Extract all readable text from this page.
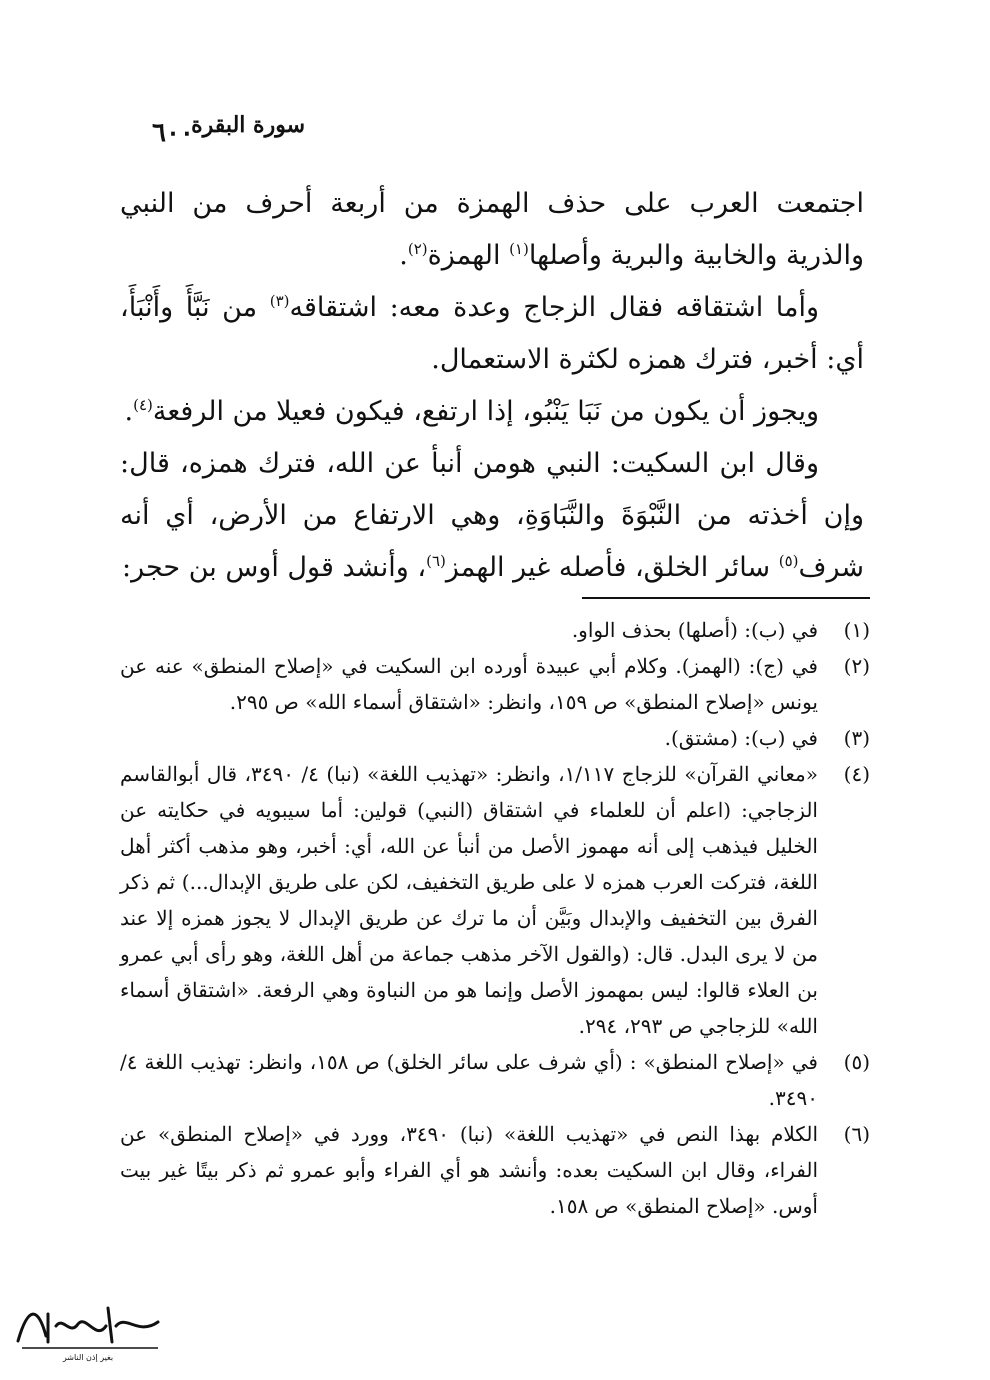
سورة البقرة
٦٠٠

اجتمعت العرب على حذف الهمزة من أربعة أحرف من النبي والذرية والخابية والبرية وأصلها$^{(١)}$ الهمزة$^{(٢)}$.

وأما اشتقاقه فقال الزجاج وعدة معه: اشتقاقه$^{(٣)}$ من نَبَّأَ وأَنْبَأَ، أي: أخبر، فترك همزه لكثرة الاستعمال.

ويجوز أن يكون من نَبَا يَنْبُو، إذا ارتفع، فيكون فعيلا من الرفعة$^{(٤)}$.

وقال ابن السكيت: النبي هومن أنبأ عن الله، فترك همزه، قال: وإن أخذته من النَّبْوَةَ والنَّبَاوَةِ، وهي الارتفاع من الأرض، أي أنه شرف$^{(٥)}$ سائر الخلق، فأصله غير الهمز$^{(٦)}$، وأنشد قول أوس بن حجر:

(١)
في (ب): (أصلها) بحذف الواو.
(٢)
في (ج): (الهمز). وكلام أبي عبيدة أورده ابن السكيت في «إصلاح المنطق» عنه عن يونس «إصلاح المنطق» ص ١٥٩، وانظر: «اشتقاق أسماء الله» ص ٢٩٥.
(٣)
في (ب): (مشتق).
(٤)
«معاني القرآن» للزجاج ١/١١٧، وانظر: «تهذيب اللغة» (نبا) ٤/ ٣٤٩٠، قال أبوالقاسم الزجاجي: (اعلم أن للعلماء في اشتقاق (النبي) قولين: أما سيبويه في حكايته عن الخليل فيذهب إلى أنه مهموز الأصل من أنبأ عن الله، أي: أخبر، وهو مذهب أكثر أهل اللغة، فتركت العرب همزه لا على طريق التخفيف، لكن على طريق الإبدال...) ثم ذكر الفرق بين التخفيف والإبدال وبَيَّن أن ما ترك عن طريق الإبدال لا يجوز همزه إلا عند من لا يرى البدل. قال: (والقول الآخر مذهب جماعة من أهل اللغة، وهو رأى أبي عمرو بن العلاء قالوا: ليس بمهموز الأصل وإنما هو من النباوة وهي الرفعة. «اشتقاق أسماء الله» للزجاجي ص ٢٩٣، ٢٩٤.
(٥)
في «إصلاح المنطق» : (أي شرف على سائر الخلق) ص ١٥٨، وانظر: تهذيب اللغة ٤/ ٣٤٩٠.
(٦)
الكلام بهذا النص في «تهذيب اللغة» (نبا) ٣٤٩٠، وورد في «إصلاح المنطق» عن الفراء، وقال ابن السكيت بعده: وأنشد هو أي الفراء وأبو عمرو ثم ذكر بيتًا غير بيت أوس. «إصلاح المنطق» ص ١٥٨.
بغير إذن الناشر
